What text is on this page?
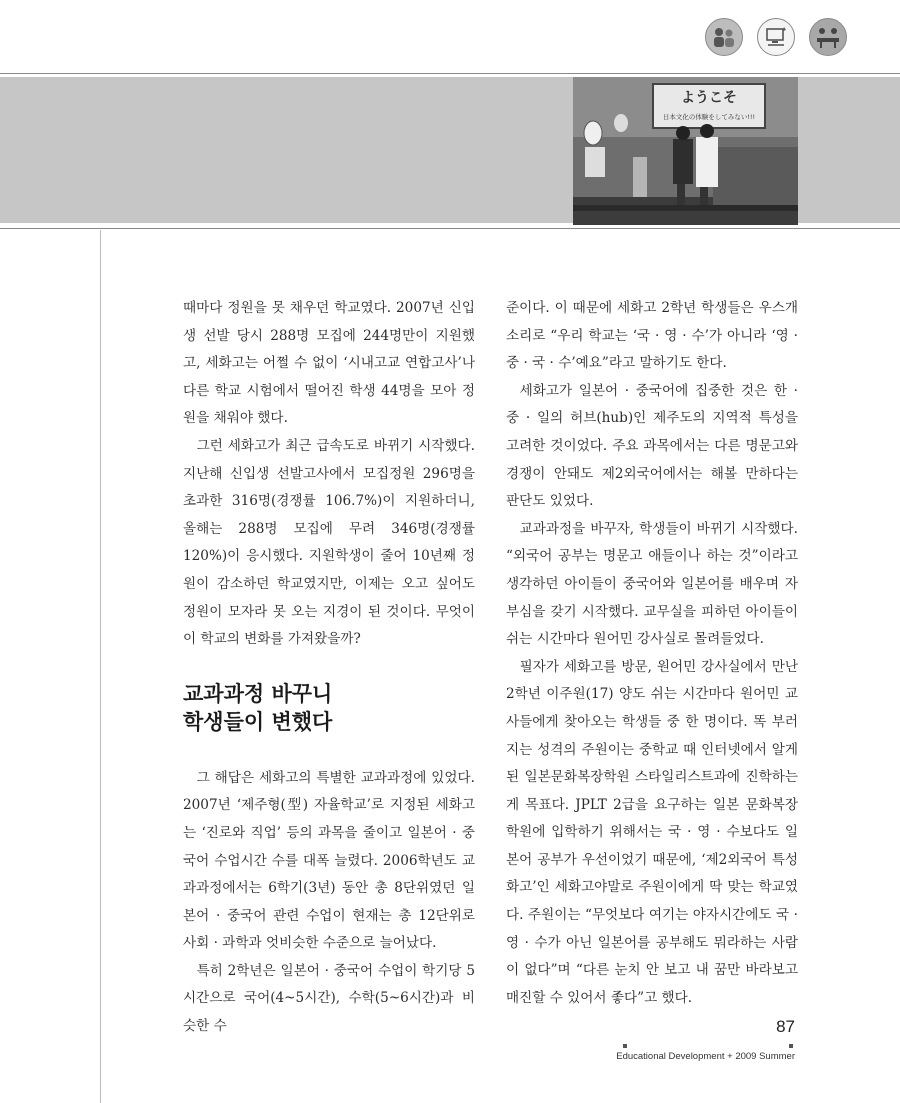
ようこそ
日本文化の体験をしてみない!!!

때마다 정원을 못 채우던 학교였다. 2007년 신입생 선발 당시 288명 모집에 244명만이 지원했고, 세화고는 어쩔 수 없이 ‘시내고교 연합고사’나 다른 학교 시험에서 떨어진 학생 44명을 모아 정원을 채워야 했다.

그런 세화고가 최근 급속도로 바뀌기 시작했다. 지난해 신입생 선발고사에서 모집정원 296명을 초과한 316명(경쟁률 106.7%)이 지원하더니, 올해는 288명 모집에 무려 346명(경쟁률 120%)이 응시했다. 지원학생이 줄어 10년째 정원이 감소하던 학교였지만, 이제는 오고 싶어도 정원이 모자라 못 오는 지경이 된 것이다. 무엇이 이 학교의 변화를 가져왔을까?

교과과정 바꾸니
학생들이 변했다

그 해답은 세화고의 특별한 교과과정에 있었다. 2007년 ‘제주형(型) 자율학교’로 지정된 세화고는 ‘진로와 직업’ 등의 과목을 줄이고 일본어 · 중국어 수업시간 수를 대폭 늘렸다. 2006학년도 교과과정에서는 6학기(3년) 동안 총 8단위였던 일본어 · 중국어 관련 수업이 현재는 총 12단위로 사회 · 과학과 엇비슷한 수준으로 늘어났다.

특히 2학년은 일본어 · 중국어 수업이 학기당 5시간으로 국어(4~5시간), 수학(5~6시간)과 비슷한 수

준이다. 이 때문에 세화고 2학년 학생들은 우스개 소리로 “우리 학교는 ‘국 · 영 · 수’가 아니라 ‘영 · 중 · 국 · 수’예요”라고 말하기도 한다.

세화고가 일본어 · 중국어에 집중한 것은 한 · 중 · 일의 허브(hub)인 제주도의 지역적 특성을 고려한 것이었다. 주요 과목에서는 다른 명문고와 경쟁이 안돼도 제2외국어에서는 해볼 만하다는 판단도 있었다.

교과과정을 바꾸자, 학생들이 바뀌기 시작했다. “외국어 공부는 명문고 애들이나 하는 것”이라고 생각하던 아이들이 중국어와 일본어를 배우며 자부심을 갖기 시작했다. 교무실을 피하던 아이들이 쉬는 시간마다 원어민 강사실로 몰려들었다.

필자가 세화고를 방문, 원어민 강사실에서 만난 2학년 이주원(17) 양도 쉬는 시간마다 원어민 교사들에게 찾아오는 학생들 중 한 명이다. 똑 부러지는 성격의 주원이는 중학교 때 인터넷에서 알게 된 일본문화복장학원 스타일리스트과에 진학하는 게 목표다. JPLT 2급을 요구하는 일본 문화복장학원에 입학하기 위해서는 국 · 영 · 수보다도 일본어 공부가 우선이었기 때문에, ‘제2외국어 특성화고’인 세화고야말로 주원이에게 딱 맞는 학교였다. 주원이는 “무엇보다 여기는 야자시간에도 국 · 영 · 수가 아닌 일본어를 공부해도 뭐라하는 사람이 없다”며 “다른 눈치 안 보고 내 꿈만 바라보고 매진할 수 있어서 좋다”고 했다.

87
Educational Development + 2009 Summer
